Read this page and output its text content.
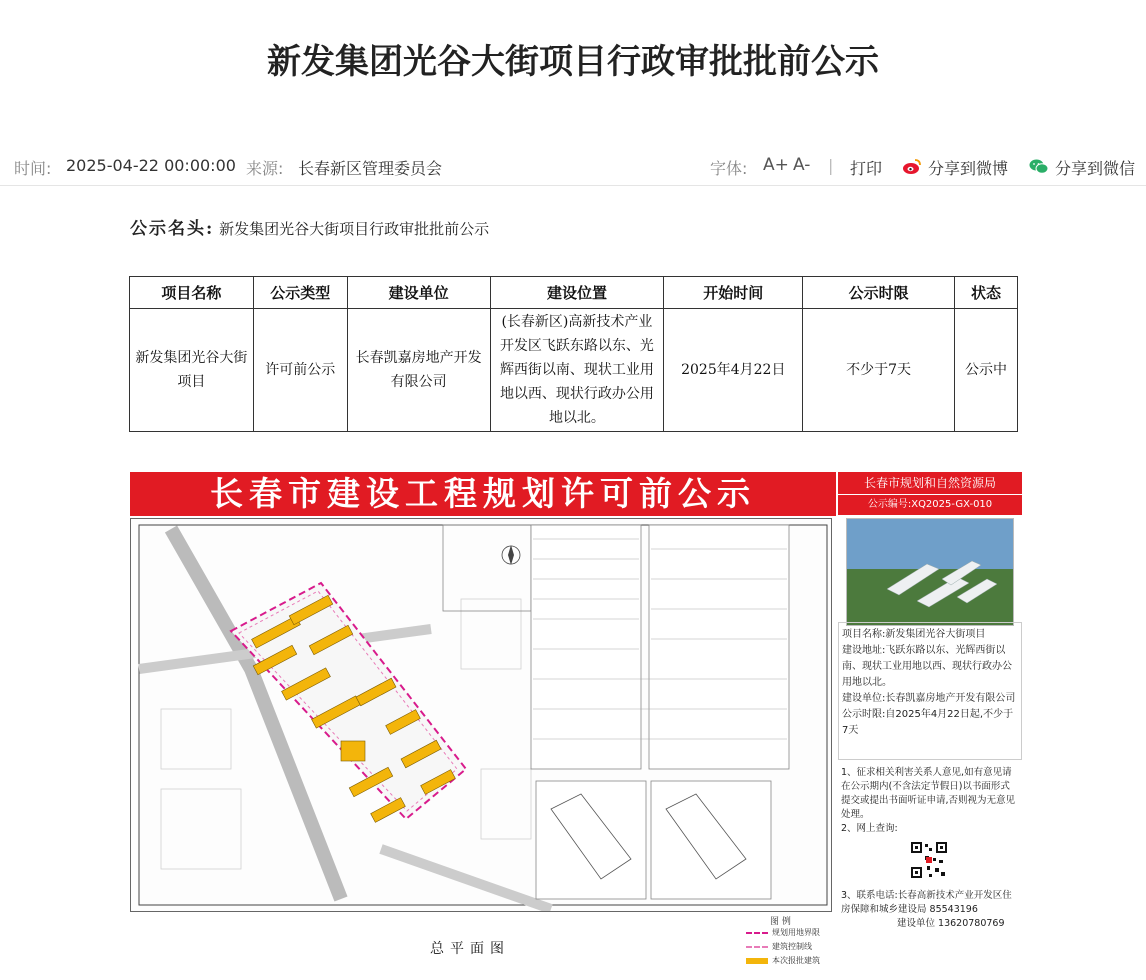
新发集团光谷大街项目行政审批批前公示
时间: 2025-04-22 00:00:00 来源: 长春新区管理委员会	字体: A+ A- | 打印	分享到微博	分享到微信
公示名头: 新发集团光谷大街项目行政审批批前公示
项目名称	公示类型	建设单位	建设位置	开始时间	公示时限	状态
新发集团光谷大街项目	许可前公示	长春凯嘉房地产开发有限公司	(长春新区)高新技术产业开发区飞跃东路以东、光辉西街以南、现状工业用地以西、现状行政办公用地以北。	2025年4月22日	不少于7天	公示中
长春市建设工程规划许可前公示	长春市规划和自然资源局
公示编号:XQ2025-GX-010

项目名称:新发集团光谷大街项目

建设地址:飞跃东路以东、光辉西街以南、现状工业用地以西、现状行政办公用地以北。

建设单位:长春凯嘉房地产开发有限公司

公示时限:自2025年4月22日起,不少于7天

1、征求相关利害关系人意见,如有意见请在公示期内(不含法定节假日)以书面形式提交或提出书面听证申请,否则视为无意见处理。

2、网上查询:

3、联系电话:长春高新技术产业开发区住房保障和城乡建设局 85543196

建设单位 13620780769

图 例
规划用地界限
建筑控制线
本次报批建筑
总平面图
